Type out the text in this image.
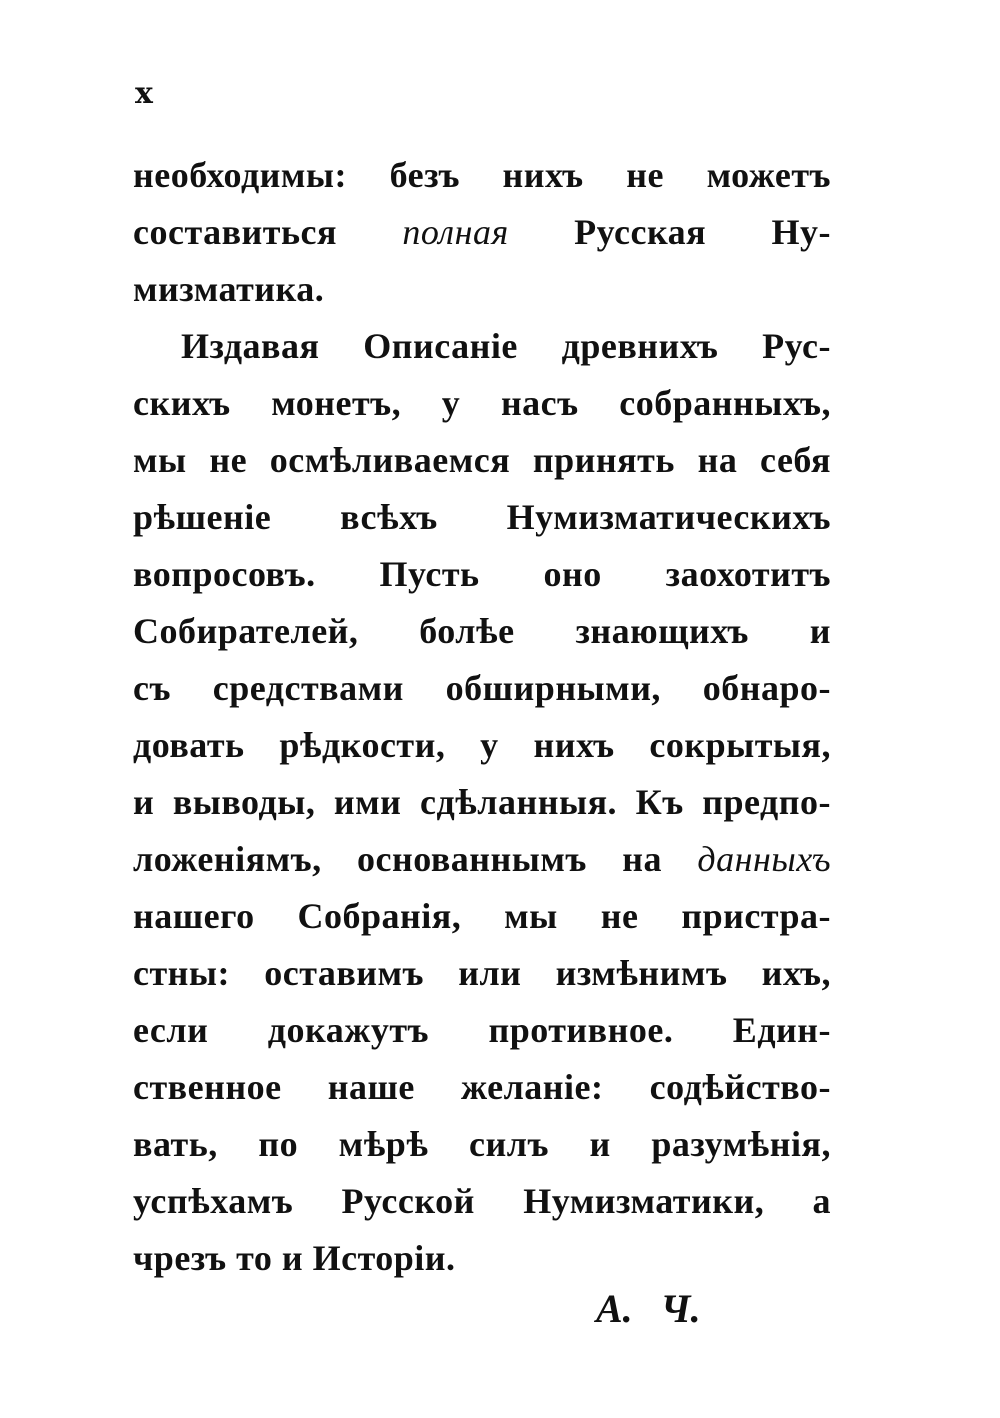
x
необходимы: безъ нихъ не можетъ
составиться полная Русская Ну-
мизматика.
Издавая Описаніе древнихъ Рус-
скихъ монетъ, у насъ собранныхъ,
мы не осмѣливаемся принять на себя
рѣшеніе всѣхъ Нумизматическихъ
вопросовъ. Пусть оно заохотитъ
Собирателей, болѣе знающихъ и
съ средствами обширными, обнаро-
довать рѣдкости, у нихъ сокрытыя,
и выводы, ими сдѣланныя. Къ предпо-
ложеніямъ, основаннымъ на данныхъ
нашего Собранія, мы не пристра-
стны: оставимъ или измѣнимъ ихъ,
если докажутъ противное. Един-
ственное наше желаніе: содѣйство-
вать, по мѣрѣ силъ и разумѣнія,
успѣхамъ Русской Нумизматики, а
чрезъ то и Исторіи.
А. Ч.
